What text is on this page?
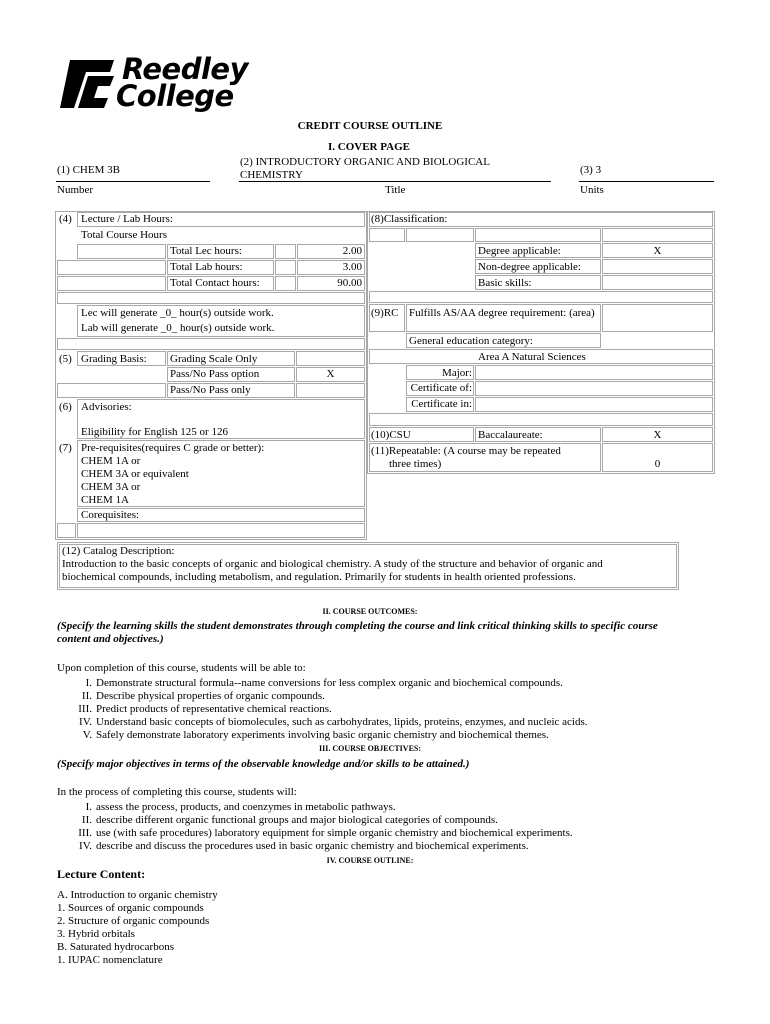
Reedley
College
CREDIT COURSE OUTLINE
I. COVER PAGE
(1) CHEM 3B
Number
(2) INTRODUCTORY ORGANIC AND BIOLOGICAL
CHEMISTRY
Title
(3) 3
Units
(4) Lecture / Lab Hours:
Total Course Hours
Total Lec hours:	2.00
Total Lab hours:	3.00
Total Contact hours:	90.00
Lec will generate _0_ hour(s) outside work.
Lab will generate _0_ hour(s) outside work.
(5) Grading Basis: Grading Scale Only
Pass/No Pass option	X
Pass/No Pass only
(6) Advisories:
Eligibility for English 125 or 126
(7) Pre-requisites(requires C grade or better):
CHEM 1A or
CHEM 3A or equivalent
CHEM 3A or
CHEM 1A
Corequisites:
(8)Classification:
Degree applicable:	X
Non-degree applicable:
Basic skills:
(9)RC Fulfills AS/AA degree requirement: (area)
General education category:
Area A Natural Sciences
Major:
Certificate of:
Certificate in:
(10)CSU	Baccalaureate:	X
(11)Repeatable: (A course may be repeated
three times)	0
(12) Catalog Description:
Introduction to the basic concepts of organic and biological chemistry. A study of the structure and behavior of organic and
biochemical compounds, including metabolism, and regulation. Primarily for students in health oriented professions.
II. COURSE OUTCOMES:
(Specify the learning skills the student demonstrates through completing the course and link critical thinking skills to specific course
content and objectives.)
Upon completion of this course, students will be able to:
I. Demonstrate structural formula--name conversions for less complex organic and biochemical compounds.
II. Describe physical properties of organic compounds.
III. Predict products of representative chemical reactions.
IV. Understand basic concepts of biomolecules, such as carbohydrates, lipids, proteins, enzymes, and nucleic acids.
V. Safely demonstrate laboratory experiments involving basic organic chemistry and biochemical themes.
III. COURSE OBJECTIVES:
(Specify major objectives in terms of the observable knowledge and/or skills to be attained.)
In the process of completing this course, students will:
I. assess the process, products, and coenzymes in metabolic pathways.
II. describe different organic functional groups and major biological categories of compounds.
III. use (with safe procedures) laboratory equipment for simple organic chemistry and biochemical experiments.
IV. describe and discuss the procedures used in basic organic chemistry and biochemical experiments.
IV. COURSE OUTLINE:
Lecture Content:
A. Introduction to organic chemistry
1. Sources of organic compounds
2. Structure of organic compounds
3. Hybrid orbitals
B. Saturated hydrocarbons
1. IUPAC nomenclature
